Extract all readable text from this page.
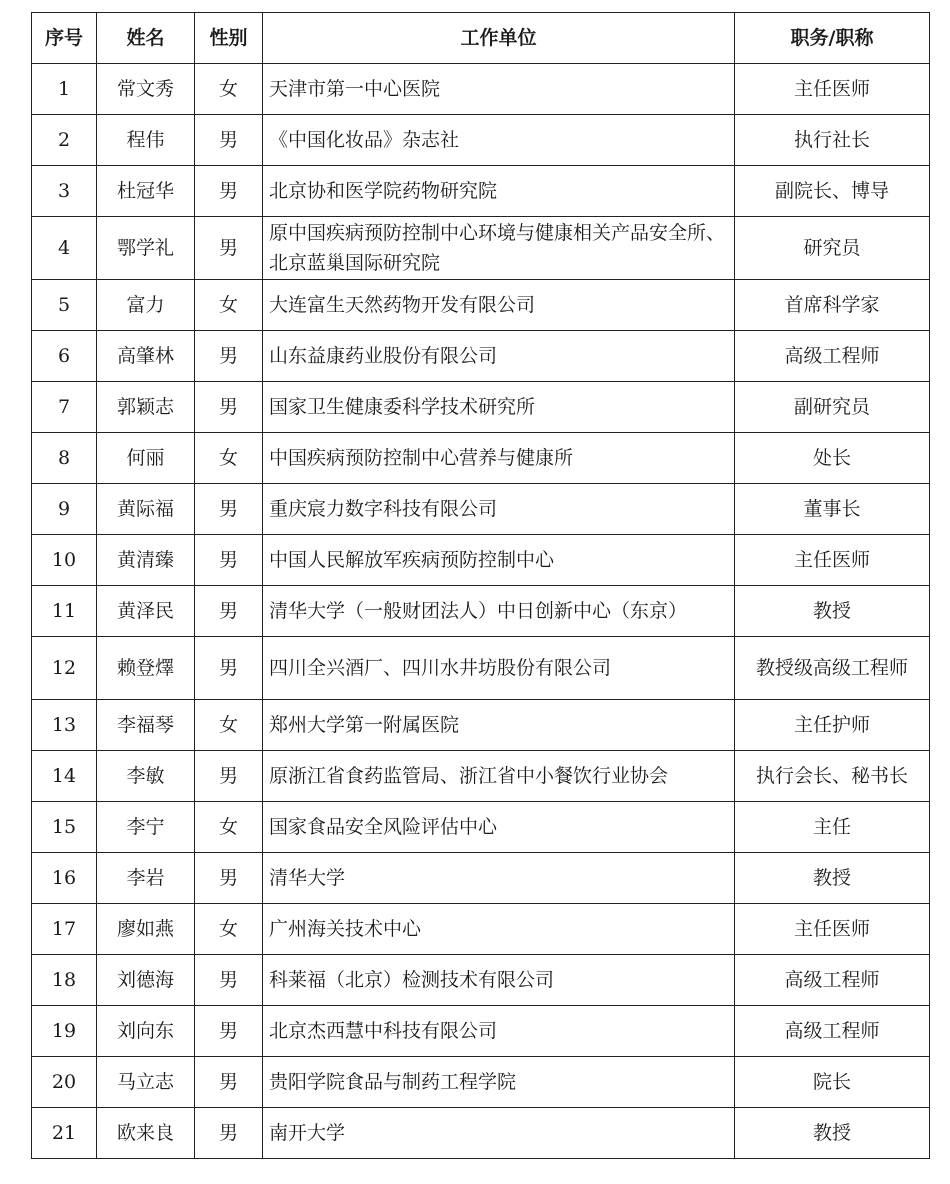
序号	姓名	性别	工作单位	职务/职称
1	常文秀	女	天津市第一中心医院	主任医师
2	程伟	男	《中国化妆品》杂志社	执行社长
3	杜冠华	男	北京协和医学院药物研究院	副院长、博导
4	鄂学礼	男	原中国疾病预防控制中心环境与健康相关产品安全所、北京蓝巢国际研究院	研究员
5	富力	女	大连富生天然药物开发有限公司	首席科学家
6	高肇林	男	山东益康药业股份有限公司	高级工程师
7	郭颖志	男	国家卫生健康委科学技术研究所	副研究员
8	何丽	女	中国疾病预防控制中心营养与健康所	处长
9	黄际福	男	重庆宸力数字科技有限公司	董事长
10	黄清臻	男	中国人民解放军疾病预防控制中心	主任医师
11	黄泽民	男	清华大学（一般财团法人）中日创新中心（东京）	教授
12	赖登燡	男	四川全兴酒厂、四川水井坊股份有限公司	教授级高级工程师
13	李福琴	女	郑州大学第一附属医院	主任护师
14	李敏	男	原浙江省食药监管局、浙江省中小餐饮行业协会	执行会长、秘书长
15	李宁	女	国家食品安全风险评估中心	主任
16	李岩	男	清华大学	教授
17	廖如燕	女	广州海关技术中心	主任医师
18	刘德海	男	科莱福（北京）检测技术有限公司	高级工程师
19	刘向东	男	北京杰西慧中科技有限公司	高级工程师
20	马立志	男	贵阳学院食品与制药工程学院	院长
21	欧来良	男	南开大学	教授
